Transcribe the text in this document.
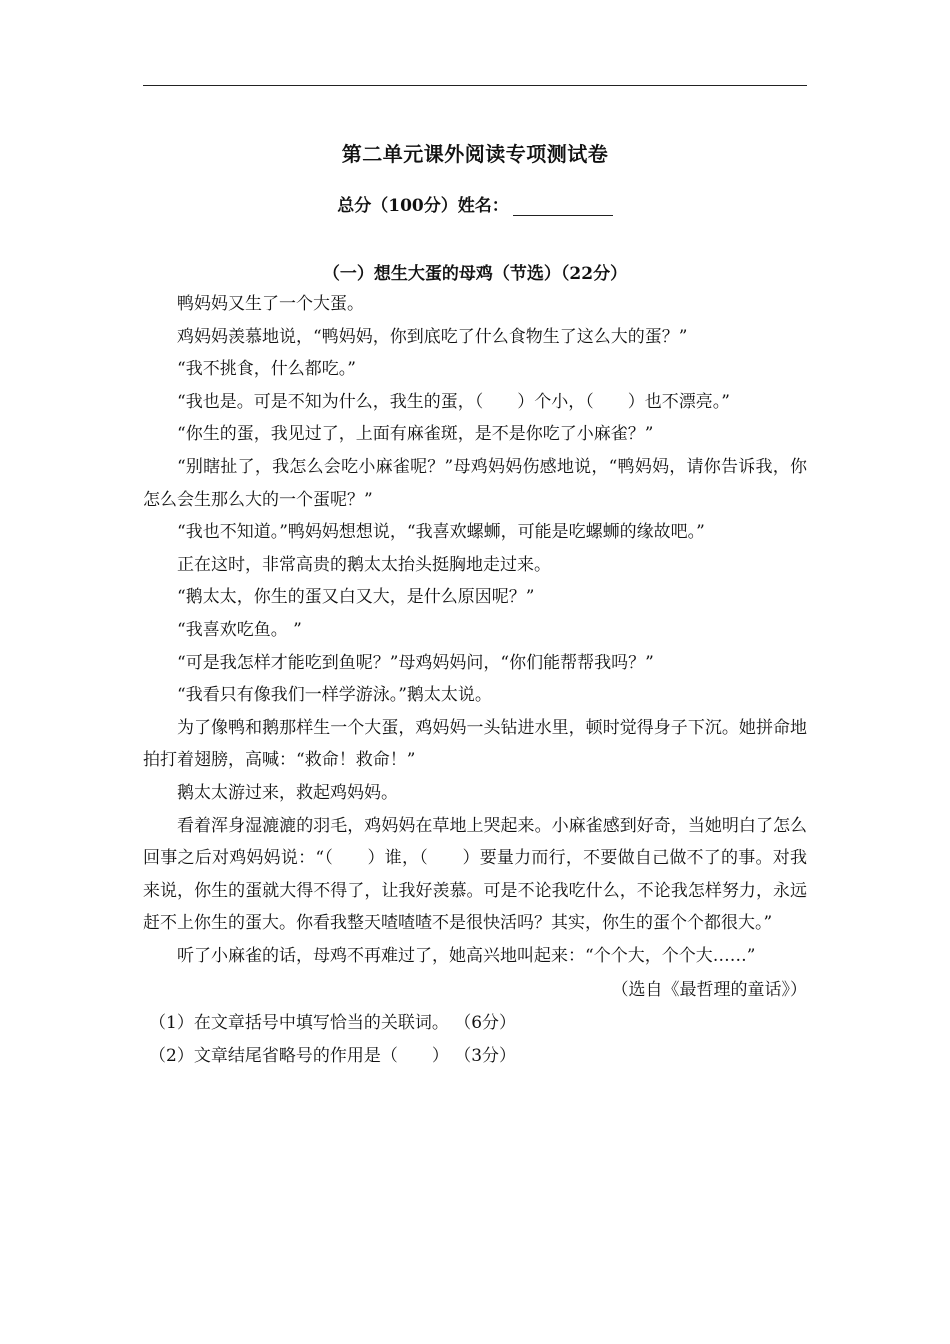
第二单元课外阅读专项测试卷
总分（100分）姓名：
（一）想生大蛋的母鸡（节选）（22分）

鸭妈妈又生了一个大蛋。

鸡妈妈羡慕地说，“鸭妈妈，你到底吃了什么食物生了这么大的蛋？”

“我不挑食，什么都吃。”

“我也是。可是不知为什么，我生的蛋，（　　）个小，（　　）也不漂亮。”

“你生的蛋，我见过了，上面有麻雀斑，是不是你吃了小麻雀？”

“别瞎扯了，我怎么会吃小麻雀呢？”母鸡妈妈伤感地说，“鸭妈妈，请你告诉我，你怎么会生那么大的一个蛋呢？”

“我也不知道。”鸭妈妈想想说，“我喜欢螺蛳，可能是吃螺蛳的缘故吧。”

正在这时，非常高贵的鹅太太抬头挺胸地走过来。

“鹅太太，你生的蛋又白又大，是什么原因呢？”

“我喜欢吃鱼。 ”

“可是我怎样才能吃到鱼呢？”母鸡妈妈问，“你们能帮帮我吗？”

“我看只有像我们一样学游泳。”鹅太太说。

为了像鸭和鹅那样生一个大蛋，鸡妈妈一头钻进水里，顿时觉得身子下沉。她拼命地拍打着翅膀，高喊：“救命！救命！”

鹅太太游过来，救起鸡妈妈。

看着浑身湿漉漉的羽毛，鸡妈妈在草地上哭起来。小麻雀感到好奇，当她明白了怎么回事之后对鸡妈妈说：“（　　）谁，（　　）要量力而行，不要做自己做不了的事。对我来说，你生的蛋就大得不得了，让我好羡慕。可是不论我吃什么，不论我怎样努力，永远赶不上你生的蛋大。你看我整天喳喳喳不是很快活吗？其实，你生的蛋个个都很大。”

听了小麻雀的话，母鸡不再难过了，她高兴地叫起来：“个个大，个个大……”

（选自《最哲理的童话》）

（1）在文章括号中填写恰当的关联词。 （6分）

（2）文章结尾省略号的作用是（　　） （3分）
